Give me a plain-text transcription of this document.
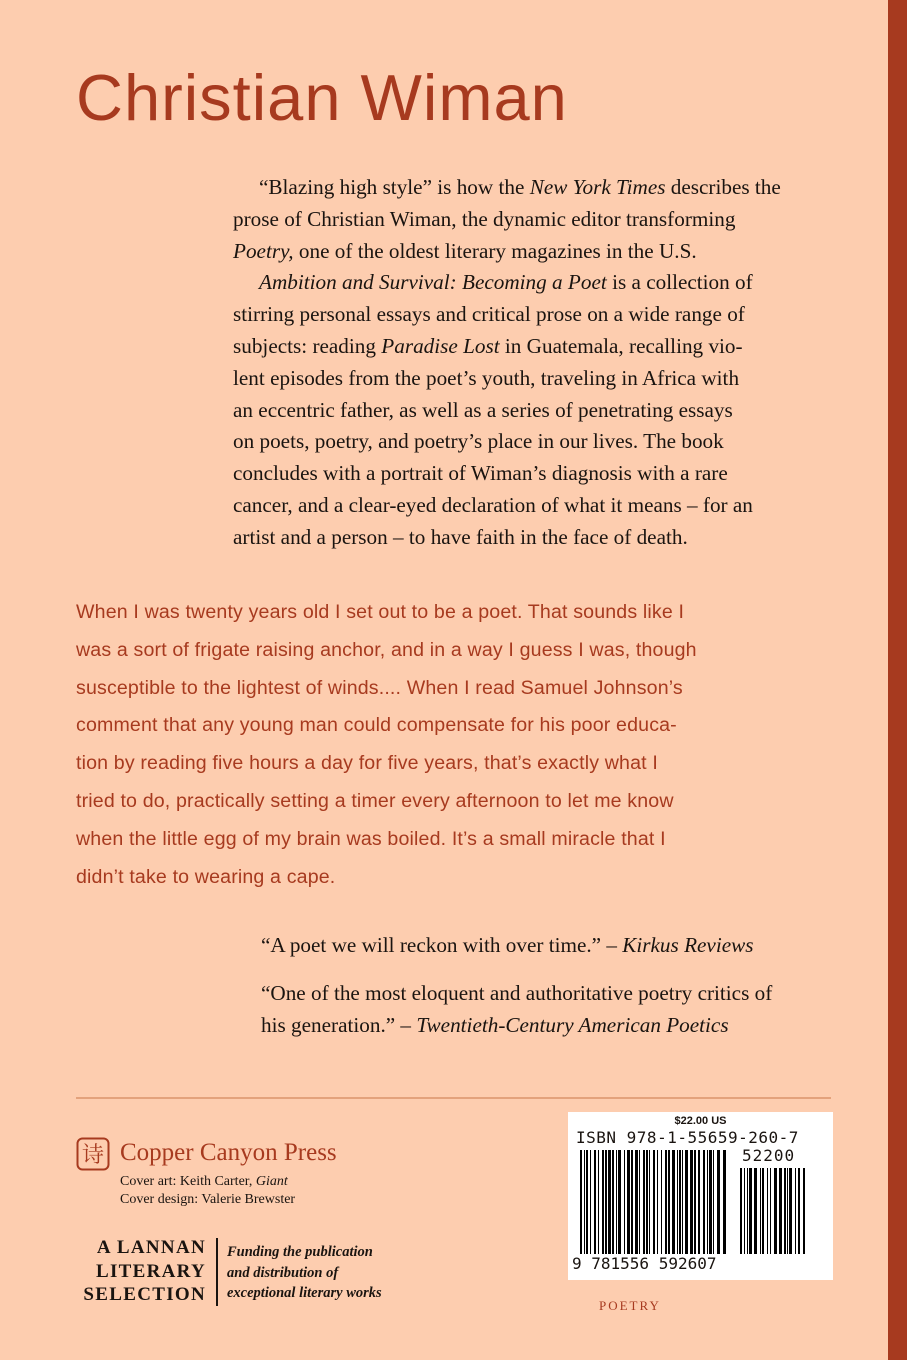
Christian Wiman
“Blazing high style” is how the New York Times describes the
prose of Christian Wiman, the dynamic editor transforming
Poetry, one of the oldest literary magazines in the U.S.
Ambition and Survival: Becoming a Poet is a collection of
stirring personal essays and critical prose on a wide range of
subjects: reading Paradise Lost in Guatemala, recalling vio-
lent episodes from the poet’s youth, traveling in Africa with
an eccentric father, as well as a series of penetrating essays
on poets, poetry, and poetry’s place in our lives. The book
concludes with a portrait of Wiman’s diagnosis with a rare
cancer, and a clear-eyed declaration of what it means – for an
artist and a person – to have faith in the face of death.
When I was twenty years old I set out to be a poet. That sounds like I
was a sort of frigate raising anchor, and in a way I guess I was, though
susceptible to the lightest of winds.... When I read Samuel Johnson’s
comment that any young man could compensate for his poor educa-
tion by reading five hours a day for five years, that’s exactly what I
tried to do, practically setting a timer every afternoon to let me know
when the little egg of my brain was boiled. It’s a small miracle that I
didn’t take to wearing a cape.
“A poet we will reckon with over time.” – Kirkus Reviews
“One of the most eloquent and authoritative poetry critics of
his generation.” – Twentieth-Century American Poetics
诗 Copper Canyon Press
Cover art: Keith Carter, Giant
Cover design: Valerie Brewster
A LANNAN
LITERARY
SELECTION
Funding the publication
and distribution of
exceptional literary works
$22.00 US
ISBN 978-1-55659-260-7
52200
9 781556 592607
POETRY
